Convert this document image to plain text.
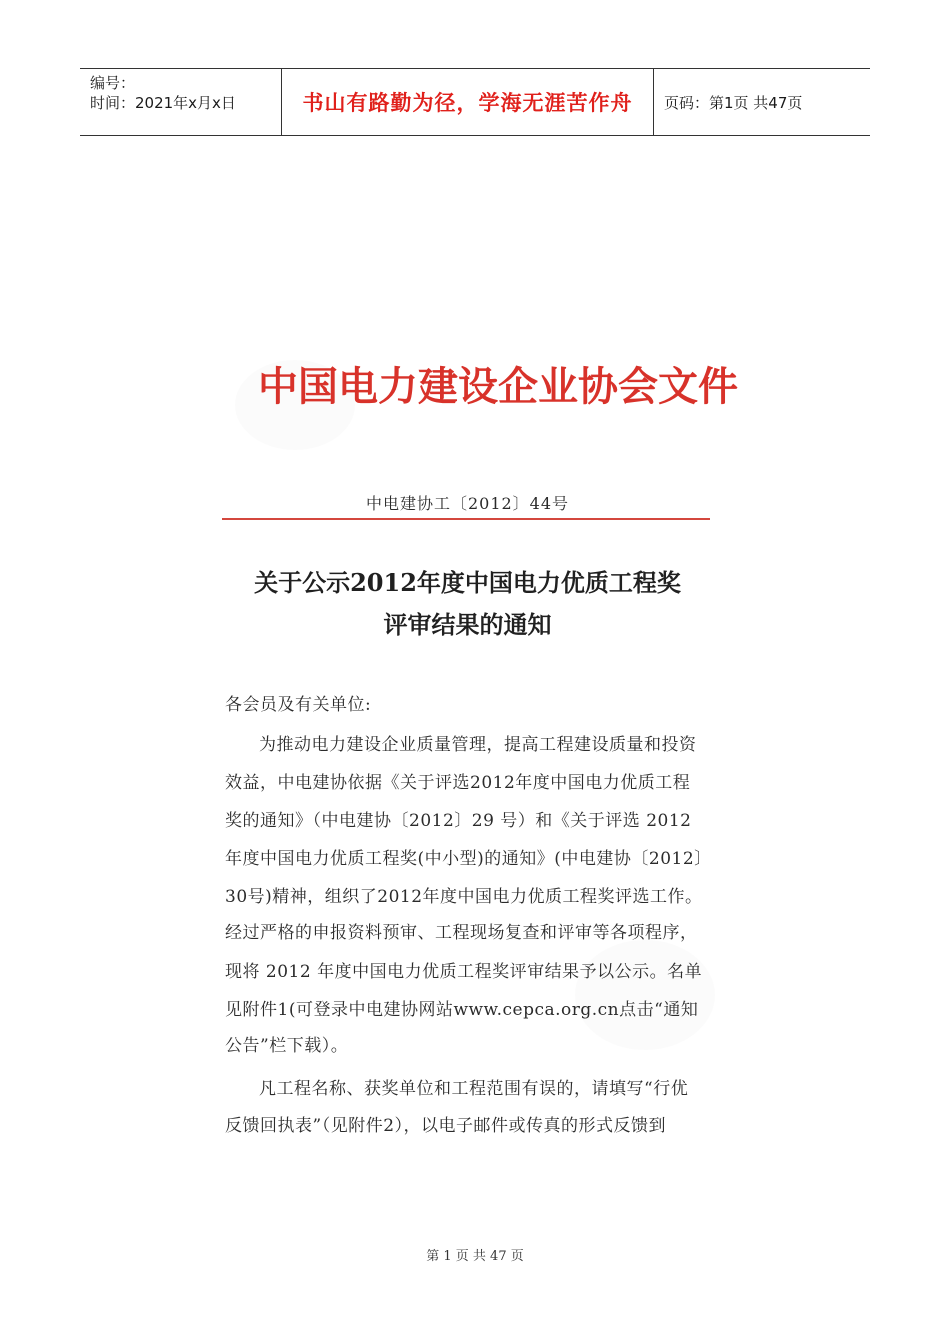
编号：
时间：2021年x月x日	书山有路勤为径，学海无涯苦作舟 页码：第1页 共47页
中国电力建设企业协会文件
中电建协工〔2012〕44号
关于公示2012年度中国电力优质工程奖
评审结果的通知
各会员及有关单位:
为推动电力建设企业质量管理，提高工程建设质量和投资
效益，中电建协依据《关于评选2012年度中国电力优质工程
奖的通知》（中电建协〔2012〕29 号）和《关于评选 2012
年度中国电力优质工程奖(中小型)的通知》(中电建协〔2012〕
30号)精神，组织了2012年度中国电力优质工程奖评选工作。
经过严格的申报资料预审、工程现场复查和评审等各项程序，
现将 2012 年度中国电力优质工程奖评审结果予以公示。名单
见附件1(可登录中电建协网站www.cepca.org.cn点击“通知
公告”栏下载）。
凡工程名称、获奖单位和工程范围有误的，请填写“行优
反馈回执表”（见附件2），以电子邮件或传真的形式反馈到
第 1 页 共 47 页
